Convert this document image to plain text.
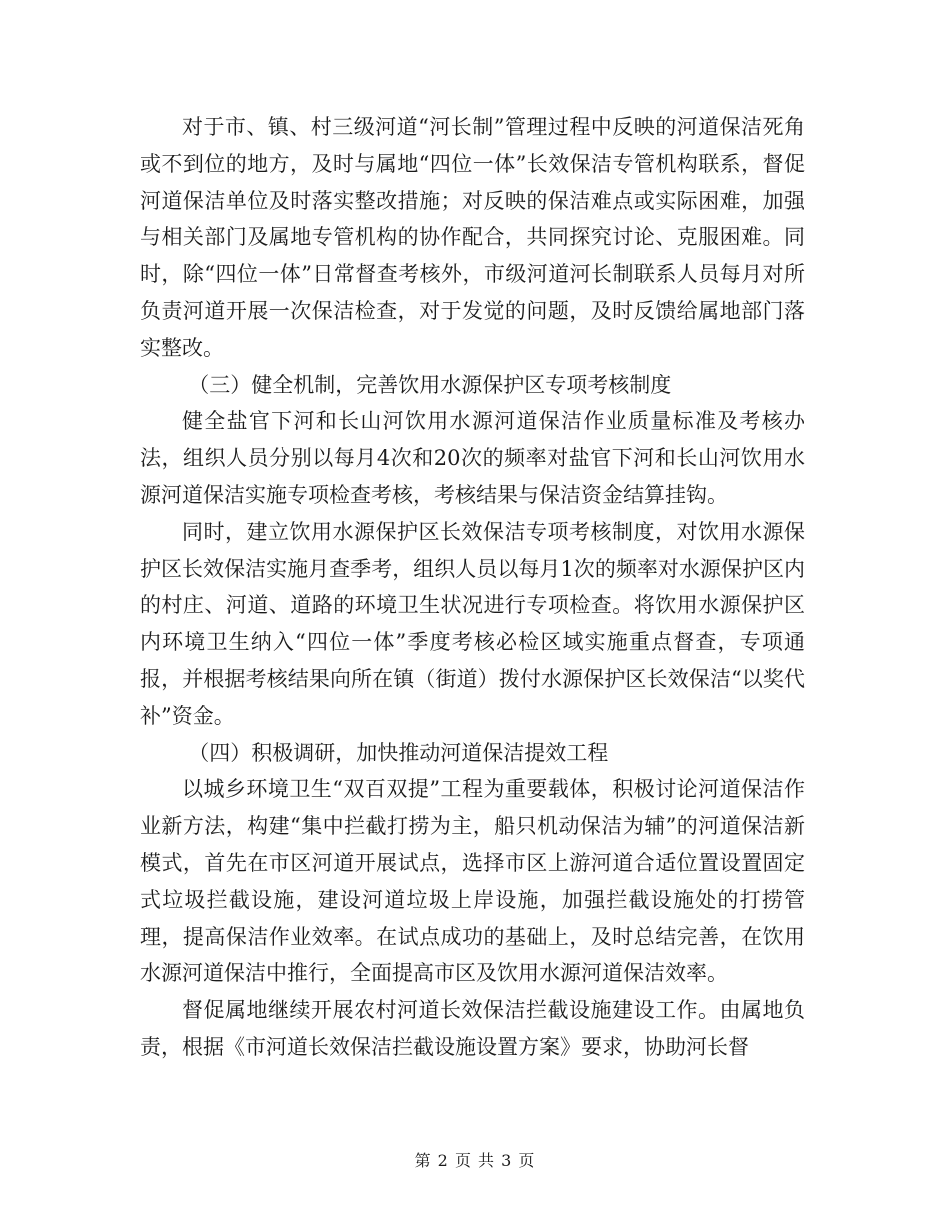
对于市、镇、村三级河道“河长制”管理过程中反映的河道保洁死角或不到位的地方，及时与属地“四位一体”长效保洁专管机构联系，督促河道保洁单位及时落实整改措施；对反映的保洁难点或实际困难，加强与相关部门及属地专管机构的协作配合，共同探究讨论、克服困难。同时，除“四位一体”日常督查考核外，市级河道河长制联系人员每月对所负责河道开展一次保洁检查，对于发觉的问题，及时反馈给属地部门落实整改。

（三）健全机制，完善饮用水源保护区专项考核制度

健全盐官下河和长山河饮用水源河道保洁作业质量标准及考核办法，组织人员分别以每月4次和20次的频率对盐官下河和长山河饮用水源河道保洁实施专项检查考核，考核结果与保洁资金结算挂钩。

同时，建立饮用水源保护区长效保洁专项考核制度，对饮用水源保护区长效保洁实施月查季考，组织人员以每月1次的频率对水源保护区内的村庄、河道、道路的环境卫生状况进行专项检查。将饮用水源保护区内环境卫生纳入“四位一体”季度考核必检区域实施重点督查，专项通报，并根据考核结果向所在镇（街道）拨付水源保护区长效保洁“以奖代补”资金。

（四）积极调研，加快推动河道保洁提效工程

以城乡环境卫生“双百双提”工程为重要载体，积极讨论河道保洁作业新方法，构建“集中拦截打捞为主，船只机动保洁为辅”的河道保洁新模式，首先在市区河道开展试点，选择市区上游河道合适位置设置固定式垃圾拦截设施，建设河道垃圾上岸设施，加强拦截设施处的打捞管理，提高保洁作业效率。在试点成功的基础上，及时总结完善，在饮用水源河道保洁中推行，全面提高市区及饮用水源河道保洁效率。

督促属地继续开展农村河道长效保洁拦截设施建设工作。由属地负责，根据《市河道长效保洁拦截设施设置方案》要求，协助河长督

第 2 页 共 3 页
